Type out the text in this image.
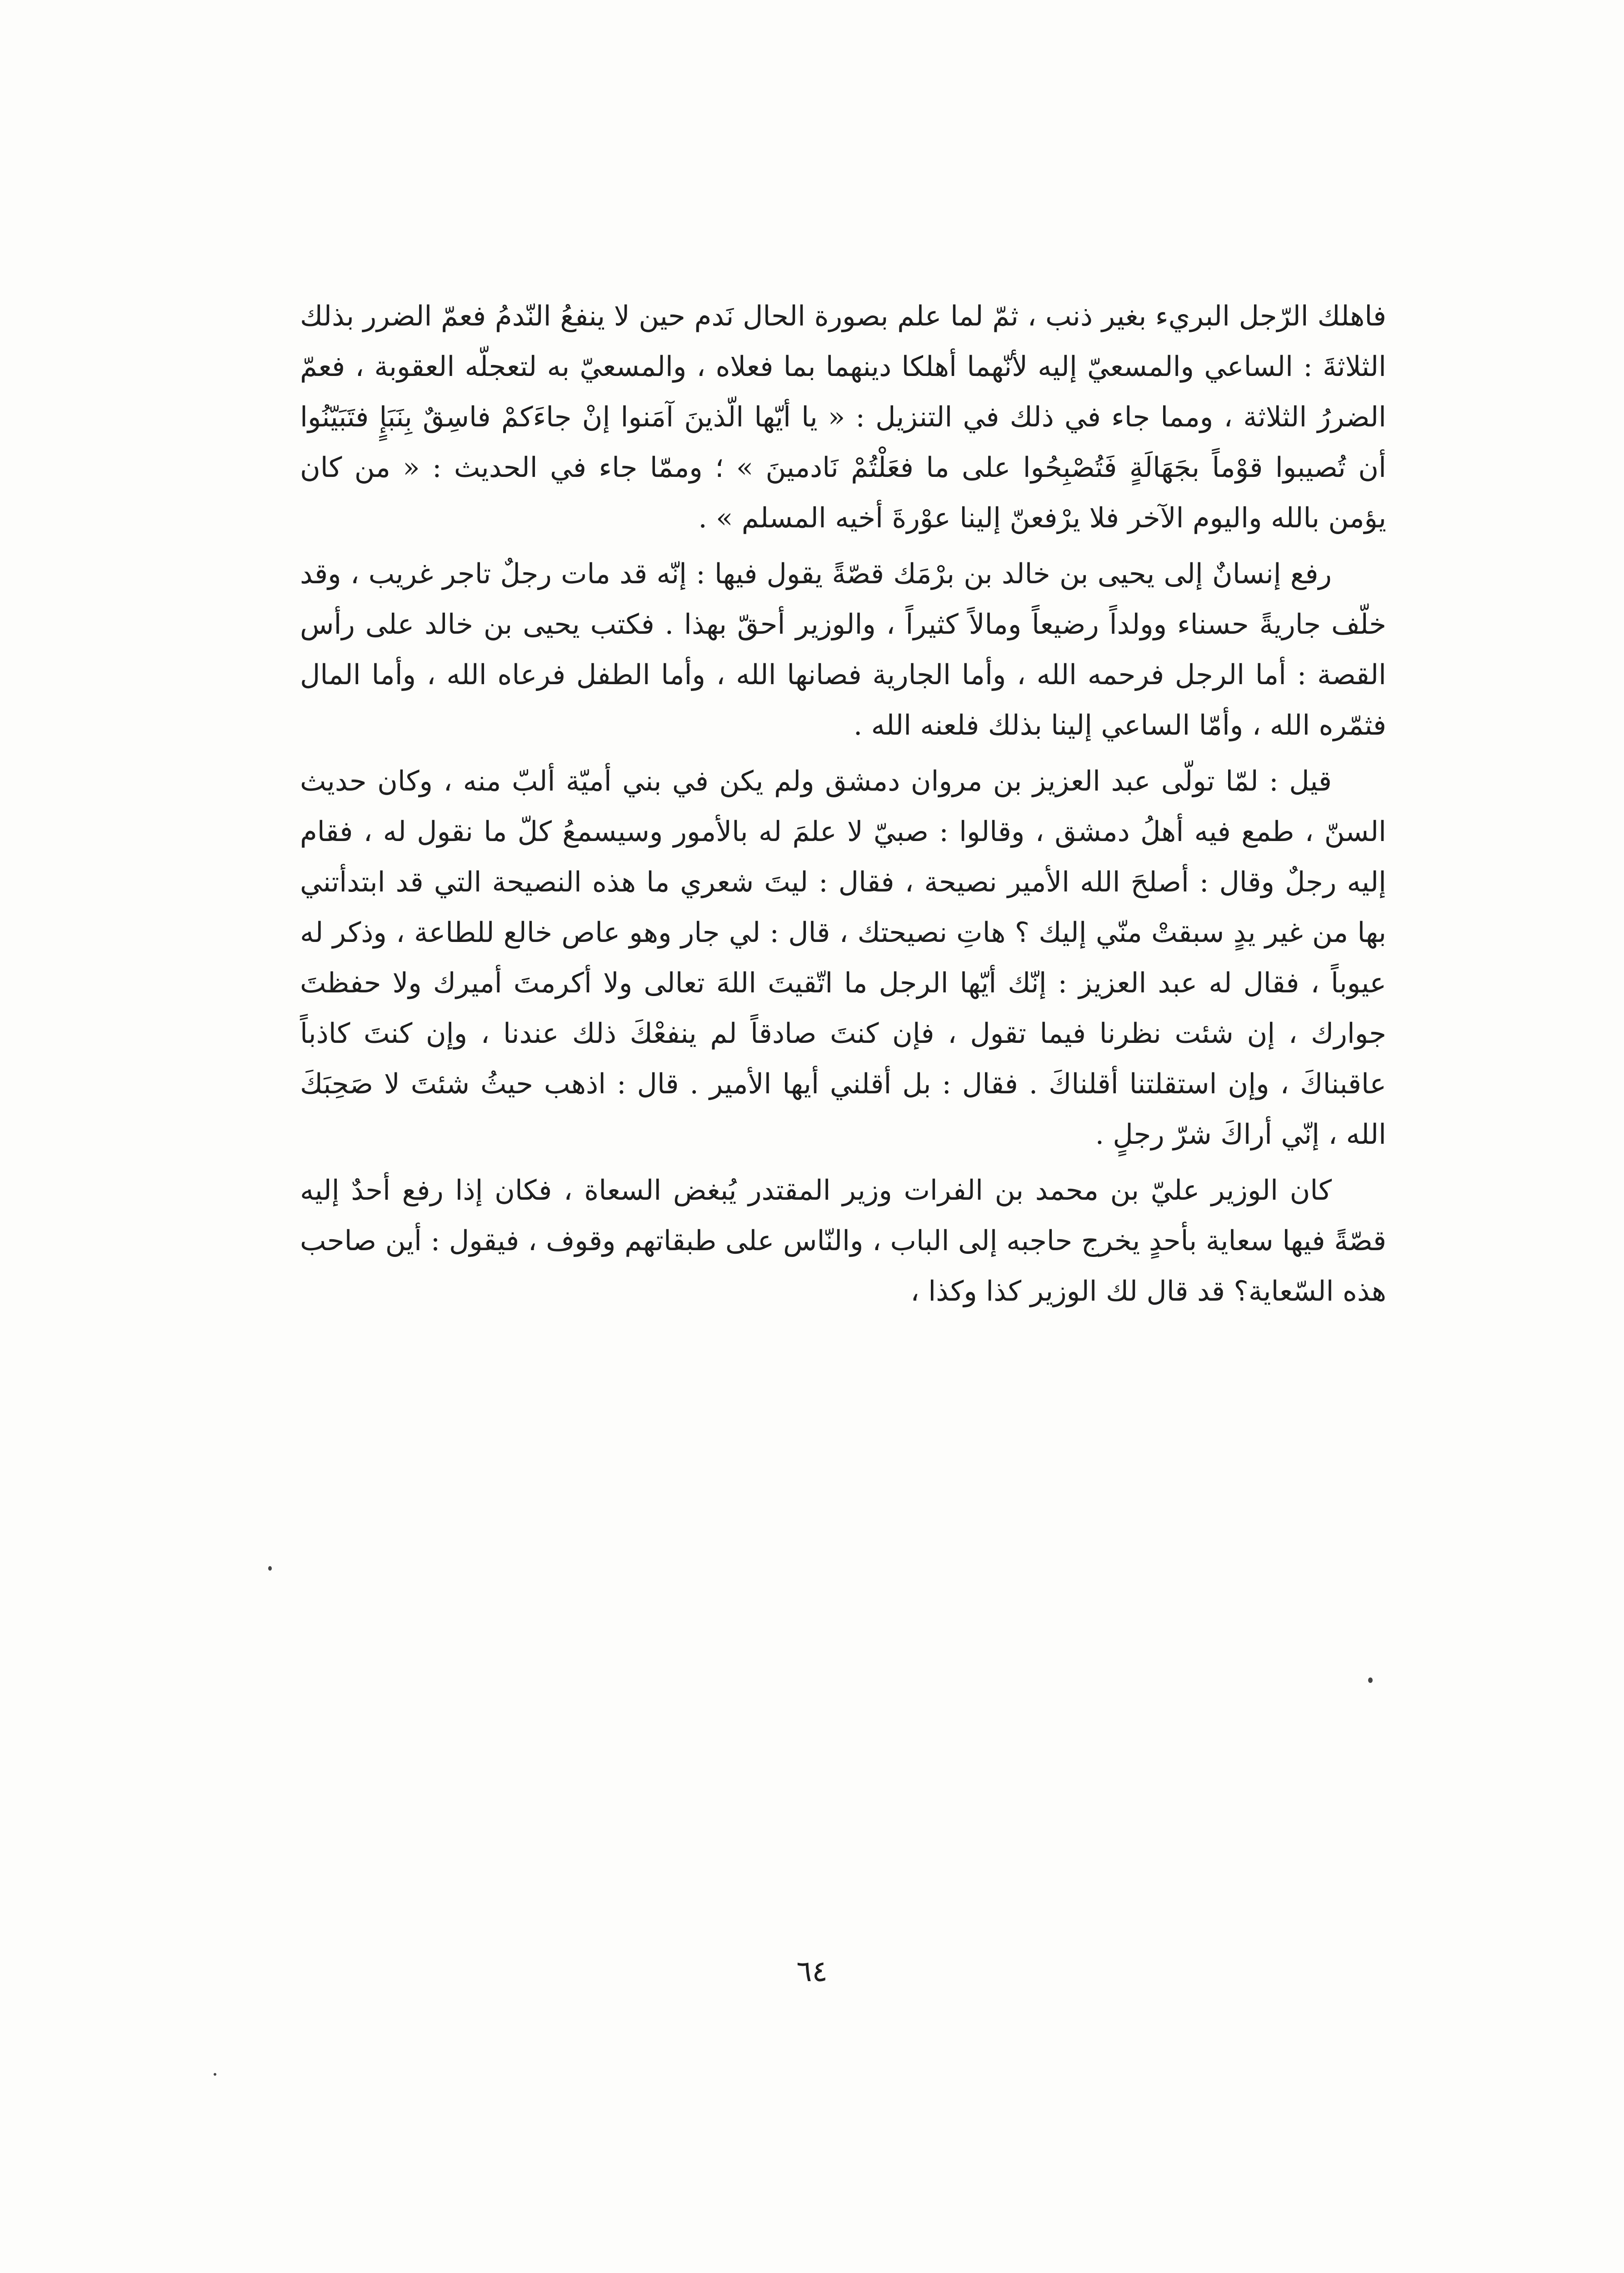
فاهلك الرّجل البريء بغير ذنب ، ثمّ لما علم بصورة الحال نَدم حين لا ينفعُ النّدمُ فعمّ الضرر بذلك الثلاثةَ : الساعي والمسعيّ إليه لأنّهما أهلكا دينهما بما فعلاه ، والمسعيّ به لتعجلّه العقوبة ، فعمّ الضررُ الثلاثة ، ومما جاء في ذلك في التنزيل : « يا أيّها الّذينَ آمَنوا إنْ جاءَكمْ فاسِقٌ بِنَبَإٍ فتَبَيّنُوا أن تُصيبوا قوْماً بجَهَالَةٍ فَتُصْبِحُوا على ما فعَلْتُمْ نَادمينَ » ؛ وممّا جاء في الحديث : « من كان يؤمن بالله واليوم الآخر فلا يرْفعنّ إلينا عوْرةَ أخيه المسلم » .

رفع إنسانٌ إلى يحيى بن خالد بن برْمَك قصّةً يقول فيها : إنّه قد مات رجلٌ تاجر غريب ، وقد خلّف جاريةً حسناء وولداً رضيعاً ومالاً كثيراً ، والوزير أحقّ بهذا . فكتب يحيى بن خالد على رأس القصة : أما الرجل فرحمه الله ، وأما الجارية فصانها الله ، وأما الطفل فرعاه الله ، وأما المال فثمّره الله ، وأمّا الساعي إلينا بذلك فلعنه الله .

قيل : لمّا تولّى عبد العزيز بن مروان دمشق ولم يكن في بني أميّة ألبّ منه ، وكان حديث السنّ ، طمع فيه أهلُ دمشق ، وقالوا : صبيّ لا علمَ له بالأمور وسيسمعُ كلّ ما نقول له ، فقام إليه رجلٌ وقال : أصلحَ الله الأمير نصيحة ، فقال : ليتَ شعري ما هذه النصيحة التي قد ابتدأتني بها من غير يدٍ سبقتْ منّي إليك ؟ هاتِ نصيحتك ، قال : لي جار وهو عاص خالع للطاعة ، وذكر له عيوباً ، فقال له عبد العزيز : إنّك أيّها الرجل ما اتّقيتَ اللهَ تعالى ولا أكرمتَ أميرك ولا حفظتَ جوارك ، إن شئت نظرنا فيما تقول ، فإن كنتَ صادقاً لم ينفعْكَ ذلك عندنا ، وإن كنتَ كاذباً عاقبناكَ ، وإن استقلتنا أقلناكَ . فقال : بل أقلني أيها الأمير . قال : اذهب حيثُ شئتَ لا صَحِبَكَ الله ، إنّي أراكَ شرّ رجلٍ .

كان الوزير عليّ بن محمد بن الفرات وزير المقتدر يُبغض السعاة ، فكان إذا رفع أحدٌ إليه قصّةً فيها سعاية بأحدٍ يخرج حاجبه إلى الباب ، والنّاس على طبقاتهم وقوف ، فيقول : أين صاحب هذه السّعاية؟ قد قال لك الوزير كذا وكذا ،

٦٤
